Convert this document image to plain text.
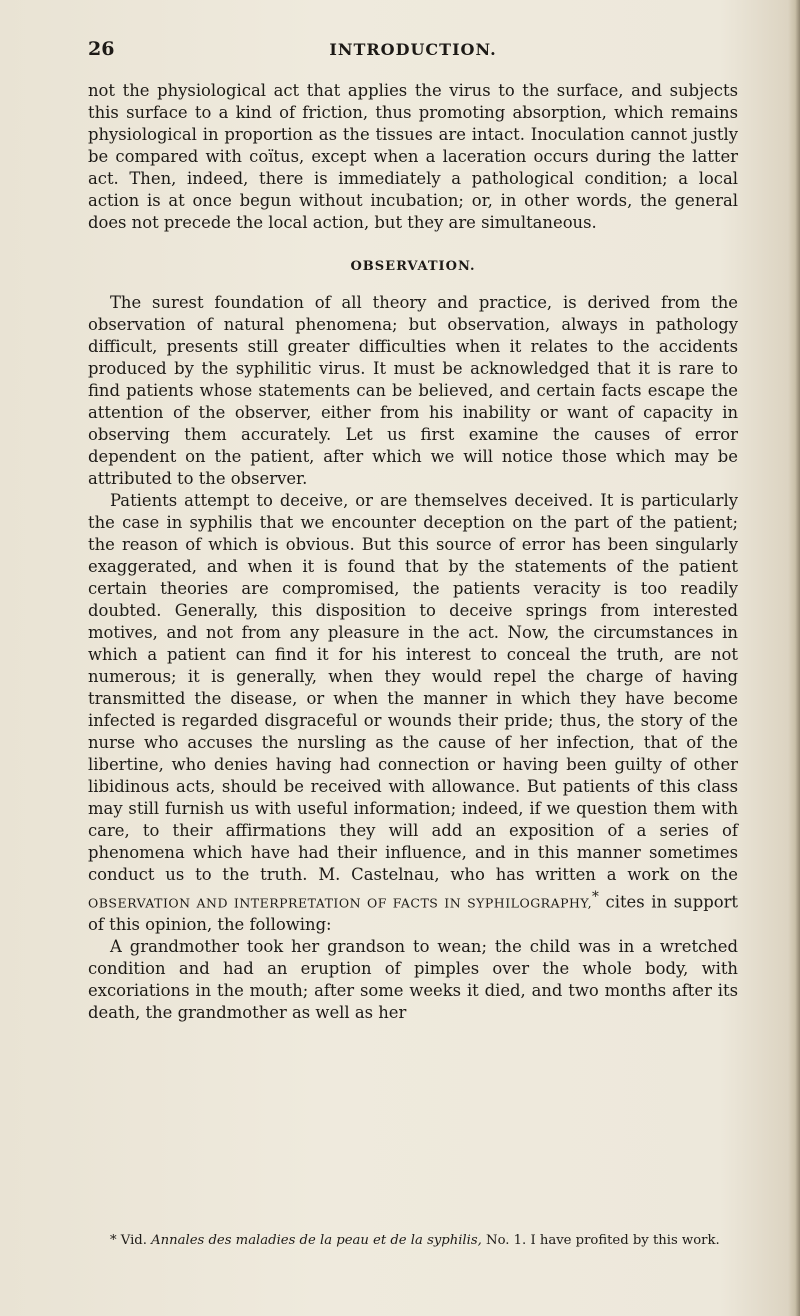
26	INTRODUCTION.

not the physiological act that applies the virus to the surface, and subjects this surface to a kind of friction, thus promoting absorption, which remains physiological in proportion as the tissues are intact. Inoculation cannot justly be compared with coïtus, except when a laceration occurs during the latter act. Then, indeed, there is immediately a pathological condition; a local action is at once begun without incubation; or, in other words, the general does not precede the local action, but they are simultaneous.

OBSERVATION.

The surest foundation of all theory and practice, is derived from the observation of natural phenomena; but observation, always in pathology difficult, presents still greater difficulties when it relates to the accidents produced by the syphilitic virus. It must be acknowledged that it is rare to find patients whose statements can be believed, and certain facts escape the attention of the observer, either from his inability or want of capacity in observing them accurately. Let us first examine the causes of error dependent on the patient, after which we will notice those which may be attributed to the observer.

Patients attempt to deceive, or are themselves deceived. It is particularly the case in syphilis that we encounter deception on the part of the patient; the reason of which is obvious. But this source of error has been singularly exaggerated, and when it is found that by the statements of the patient certain theories are compromised, the patients veracity is too readily doubted. Generally, this disposition to deceive springs from interested motives, and not from any pleasure in the act. Now, the circumstances in which a patient can find it for his interest to conceal the truth, are not numerous; it is generally, when they would repel the charge of having transmitted the disease, or when the manner in which they have become infected is regarded disgraceful or wounds their pride; thus, the story of the nurse who accuses the nursling as the cause of her infection, that of the libertine, who denies having had connection or having been guilty of other libidinous acts, should be received with allowance. But patients of this class may still furnish us with useful information; indeed, if we question them with care, to their affirmations they will add an exposition of a series of phenomena which have had their influence, and in this manner sometimes conduct us to the truth. M. Castelnau, who has written a work on the OBSERVATION AND INTERPRETATION OF FACTS IN SYPHILOGRAPHY,* cites in support of this opinion, the following:

A grandmother took her grandson to wean; the child was in a wretched condition and had an eruption of pimples over the whole body, with excoriations in the mouth; after some weeks it died, and two months after its death, the grandmother as well as her

* Vid. Annales des maladies de la peau et de la syphilis, No. 1. I have profited by this work.
